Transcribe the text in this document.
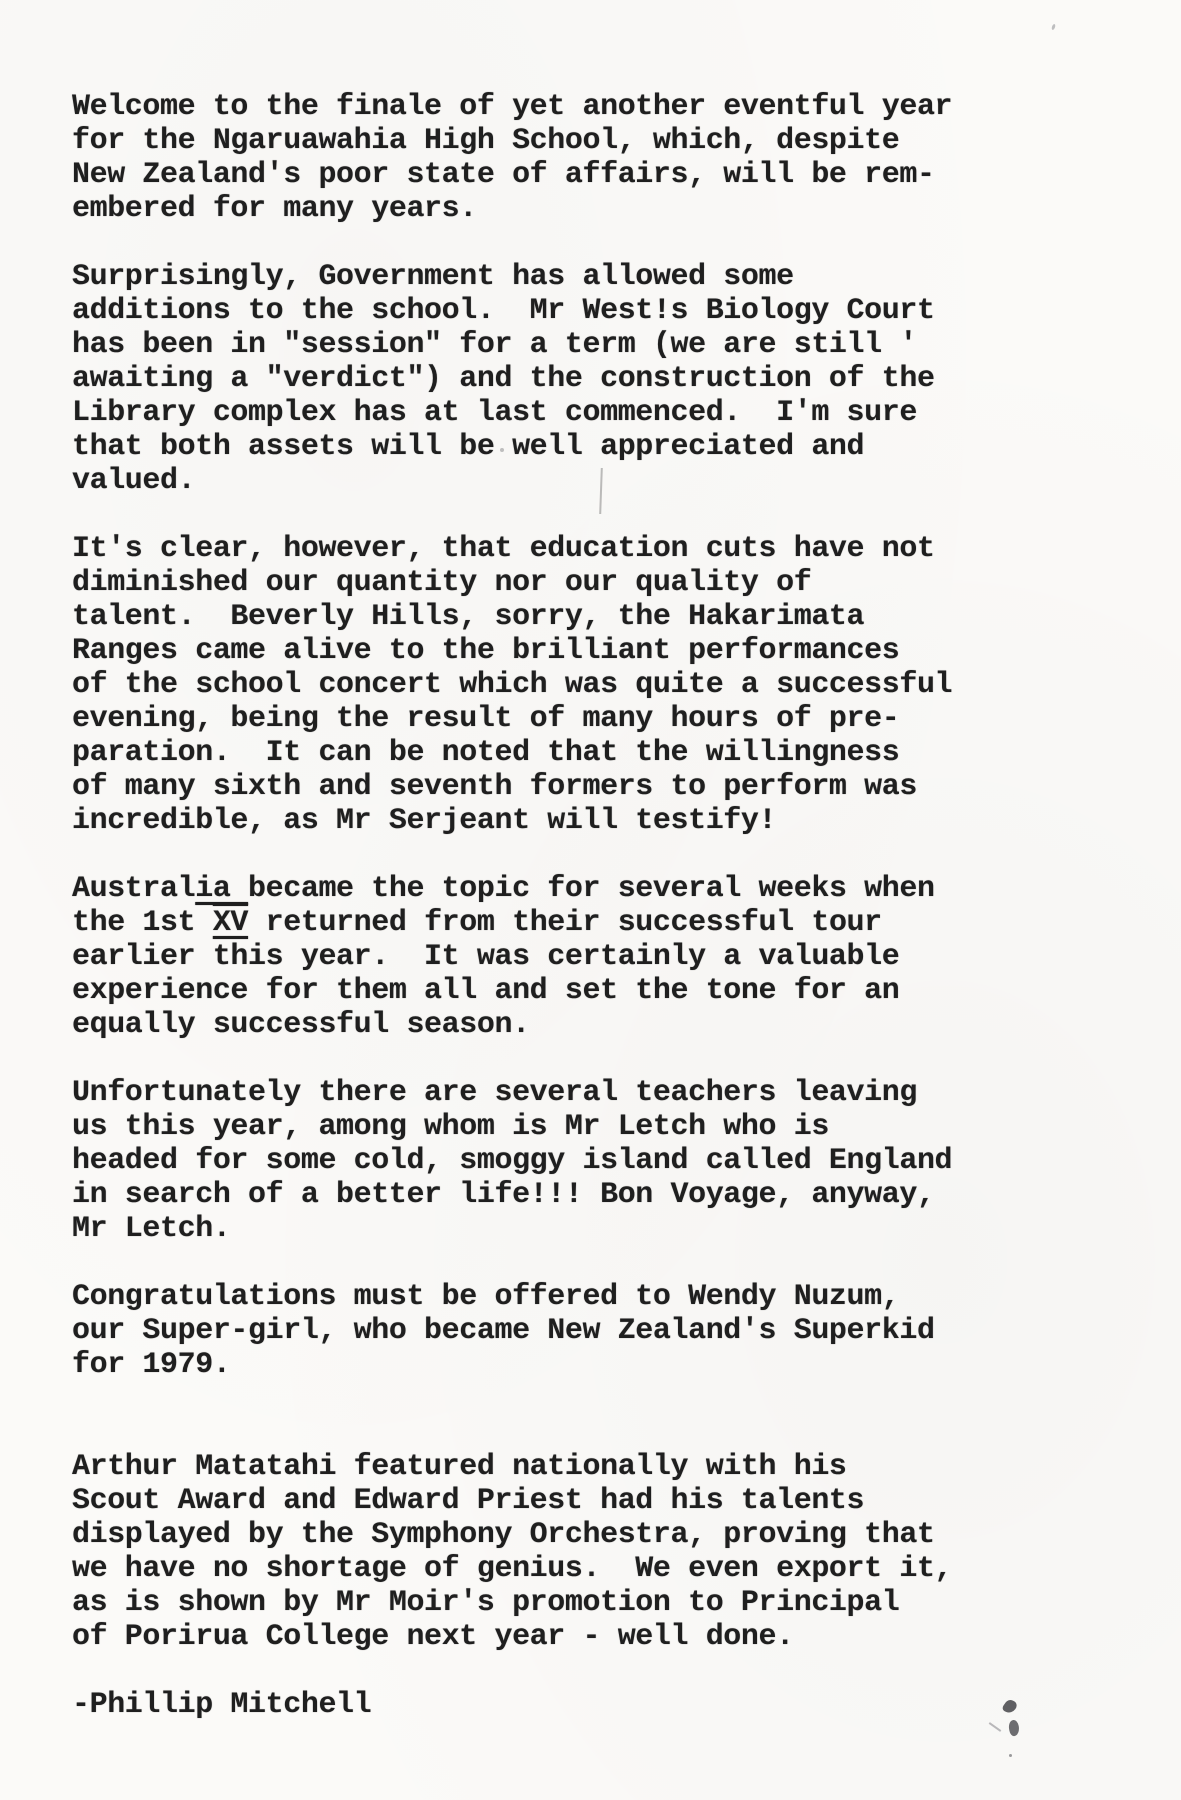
Welcome to the finale of yet another eventful year
for the Ngaruawahia High School, which, despite
New Zealand's poor state of affairs, will be rem-
embered for many years.

Surprisingly, Government has allowed some
additions to the school.  Mr West!s Biology Court
has been in "session" for a term (we are still '
awaiting a "verdict") and the construction of the
Library complex has at last commenced.  I'm sure
that both assets will be well appreciated and
valued.

It's clear, however, that education cuts have not
diminished our quantity nor our quality of
talent.  Beverly Hills, sorry, the Hakarimata
Ranges came alive to the brilliant performances
of the school concert which was quite a successful
evening, being the result of many hours of pre-
paration.  It can be noted that the willingness
of many sixth and seventh formers to perform was
incredible, as Mr Serjeant will testify!

Australia became the topic for several weeks when
the 1st XV returned from their successful tour
earlier this year.  It was certainly a valuable
experience for them all and set the tone for an
equally successful season.

Unfortunately there are several teachers leaving
us this year, among whom is Mr Letch who is
headed for some cold, smoggy island called England
in search of a better life!!! Bon Voyage, anyway,
Mr Letch.

Congratulations must be offered to Wendy Nuzum,
our Super-girl, who became New Zealand's Superkid
for 1979.

Arthur Matatahi featured nationally with his
Scout Award and Edward Priest had his talents
displayed by the Symphony Orchestra, proving that
we have no shortage of genius.  We even export it,
as is shown by Mr Moir's promotion to Principal
of Porirua College next year - well done.

-Phillip Mitchell
